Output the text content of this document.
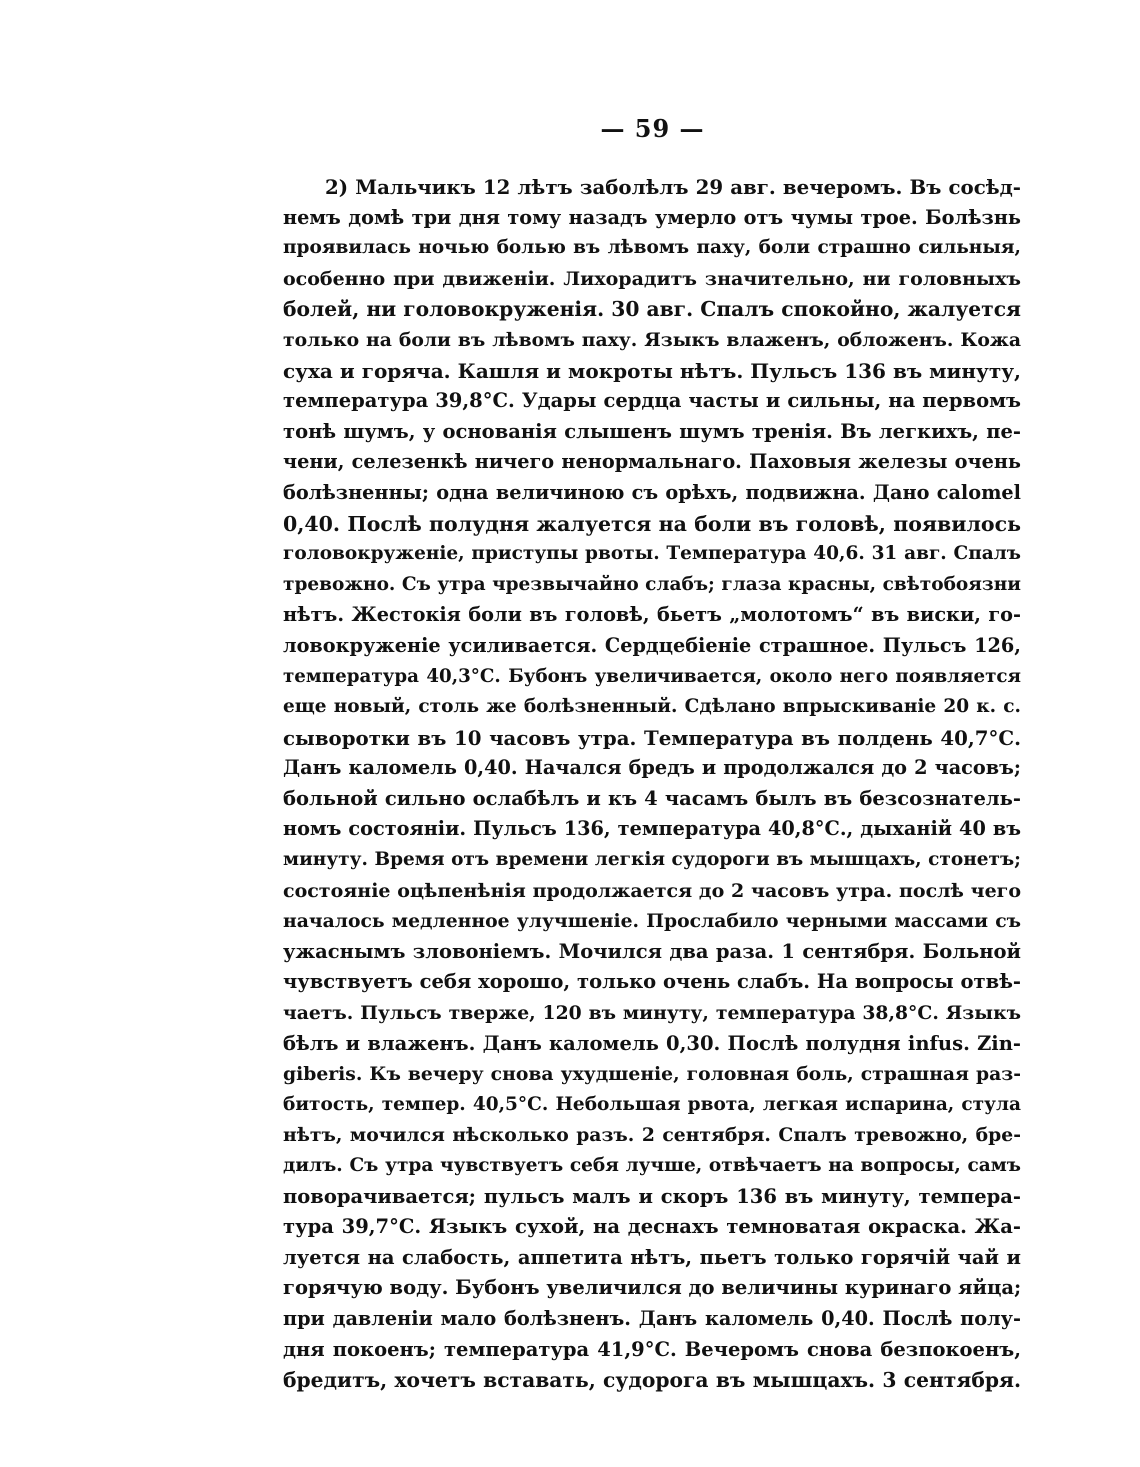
— 59 —
2) Мальчикъ 12 лѣтъ заболѣлъ 29 авг. вечеромъ. Въ сосѣд-
немъ домѣ три дня тому назадъ умерло отъ чумы трое. Болѣзнь
проявилась ночью болью въ лѣвомъ паху, боли страшно сильныя,
особенно при движеніи. Лихорадитъ значительно, ни головныхъ
болей, ни головокруженія. 30 авг. Спалъ спокойно, жалуется
только на боли въ лѣвомъ паху. Языкъ влаженъ, обложенъ. Кожа
суха и горяча. Кашля и мокроты нѣтъ. Пульсъ 136 въ минуту,
температура 39,8°С. Удары сердца часты и сильны, на первомъ
тонѣ шумъ, у основанія слышенъ шумъ тренія. Въ легкихъ, пе-
чени, селезенкѣ ничего ненормальнаго. Паховыя железы очень
болѣзненны; одна величиною съ орѣхъ, подвижна. Дано calomel
0,40. Послѣ полудня жалуется на боли въ головѣ, появилось
головокруженіе, приступы рвоты. Температура 40,6. 31 авг. Спалъ
тревожно. Съ утра чрезвычайно слабъ; глаза красны, свѣтобоязни
нѣтъ. Жестокія боли въ головѣ, бьетъ „молотомъ“ въ виски, го-
ловокруженіе усиливается. Сердцебіеніе страшное. Пульсъ 126,
температура 40,3°С. Бубонъ увеличивается, около него появляется
еще новый, столь же болѣзненный. Сдѣлано впрыскиваніе 20 к. с.
сыворотки въ 10 часовъ утра. Температура въ полдень 40,7°С.
Данъ каломель 0,40. Начался бредъ и продолжался до 2 часовъ;
больной сильно ослабѣлъ и къ 4 часамъ былъ въ безсознатель-
номъ состояніи. Пульсъ 136, температура 40,8°С., дыханій 40 въ
минуту. Время отъ времени легкія судороги въ мышцахъ, стонетъ;
состояніе оцѣпенѣнія продолжается до 2 часовъ утра. послѣ чего
началось медленное улучшеніе. Прослабило черными массами съ
ужаснымъ зловоніемъ. Мочился два раза. 1 сентября. Больной
чувствуетъ себя хорошо, только очень слабъ. На вопросы отвѣ-
чаетъ. Пульсъ тверже, 120 въ минуту, температура 38,8°С. Языкъ
бѣлъ и влаженъ. Данъ каломель 0,30. Послѣ полудня infus. Zin-
giberis. Къ вечеру снова ухудшеніе, головная боль, страшная раз-
битость, темпер. 40,5°С. Небольшая рвота, легкая испарина, стула
нѣтъ, мочился нѣсколько разъ. 2 сентября. Спалъ тревожно, бре-
дилъ. Съ утра чувствуетъ себя лучше, отвѣчаетъ на вопросы, самъ
поворачивается; пульсъ малъ и скоръ 136 въ минуту, темпера-
тура 39,7°С. Языкъ сухой, на деснахъ темноватая окраска. Жа-
луется на слабость, аппетита нѣтъ, пьетъ только горячій чай и
горячую воду. Бубонъ увеличился до величины куринаго яйца;
при давленіи мало болѣзненъ. Данъ каломель 0,40. Послѣ полу-
дня покоенъ; температура 41,9°С. Вечеромъ снова безпокоенъ,
бредитъ, хочетъ вставать, судорога въ мышцахъ. 3 сентября.
